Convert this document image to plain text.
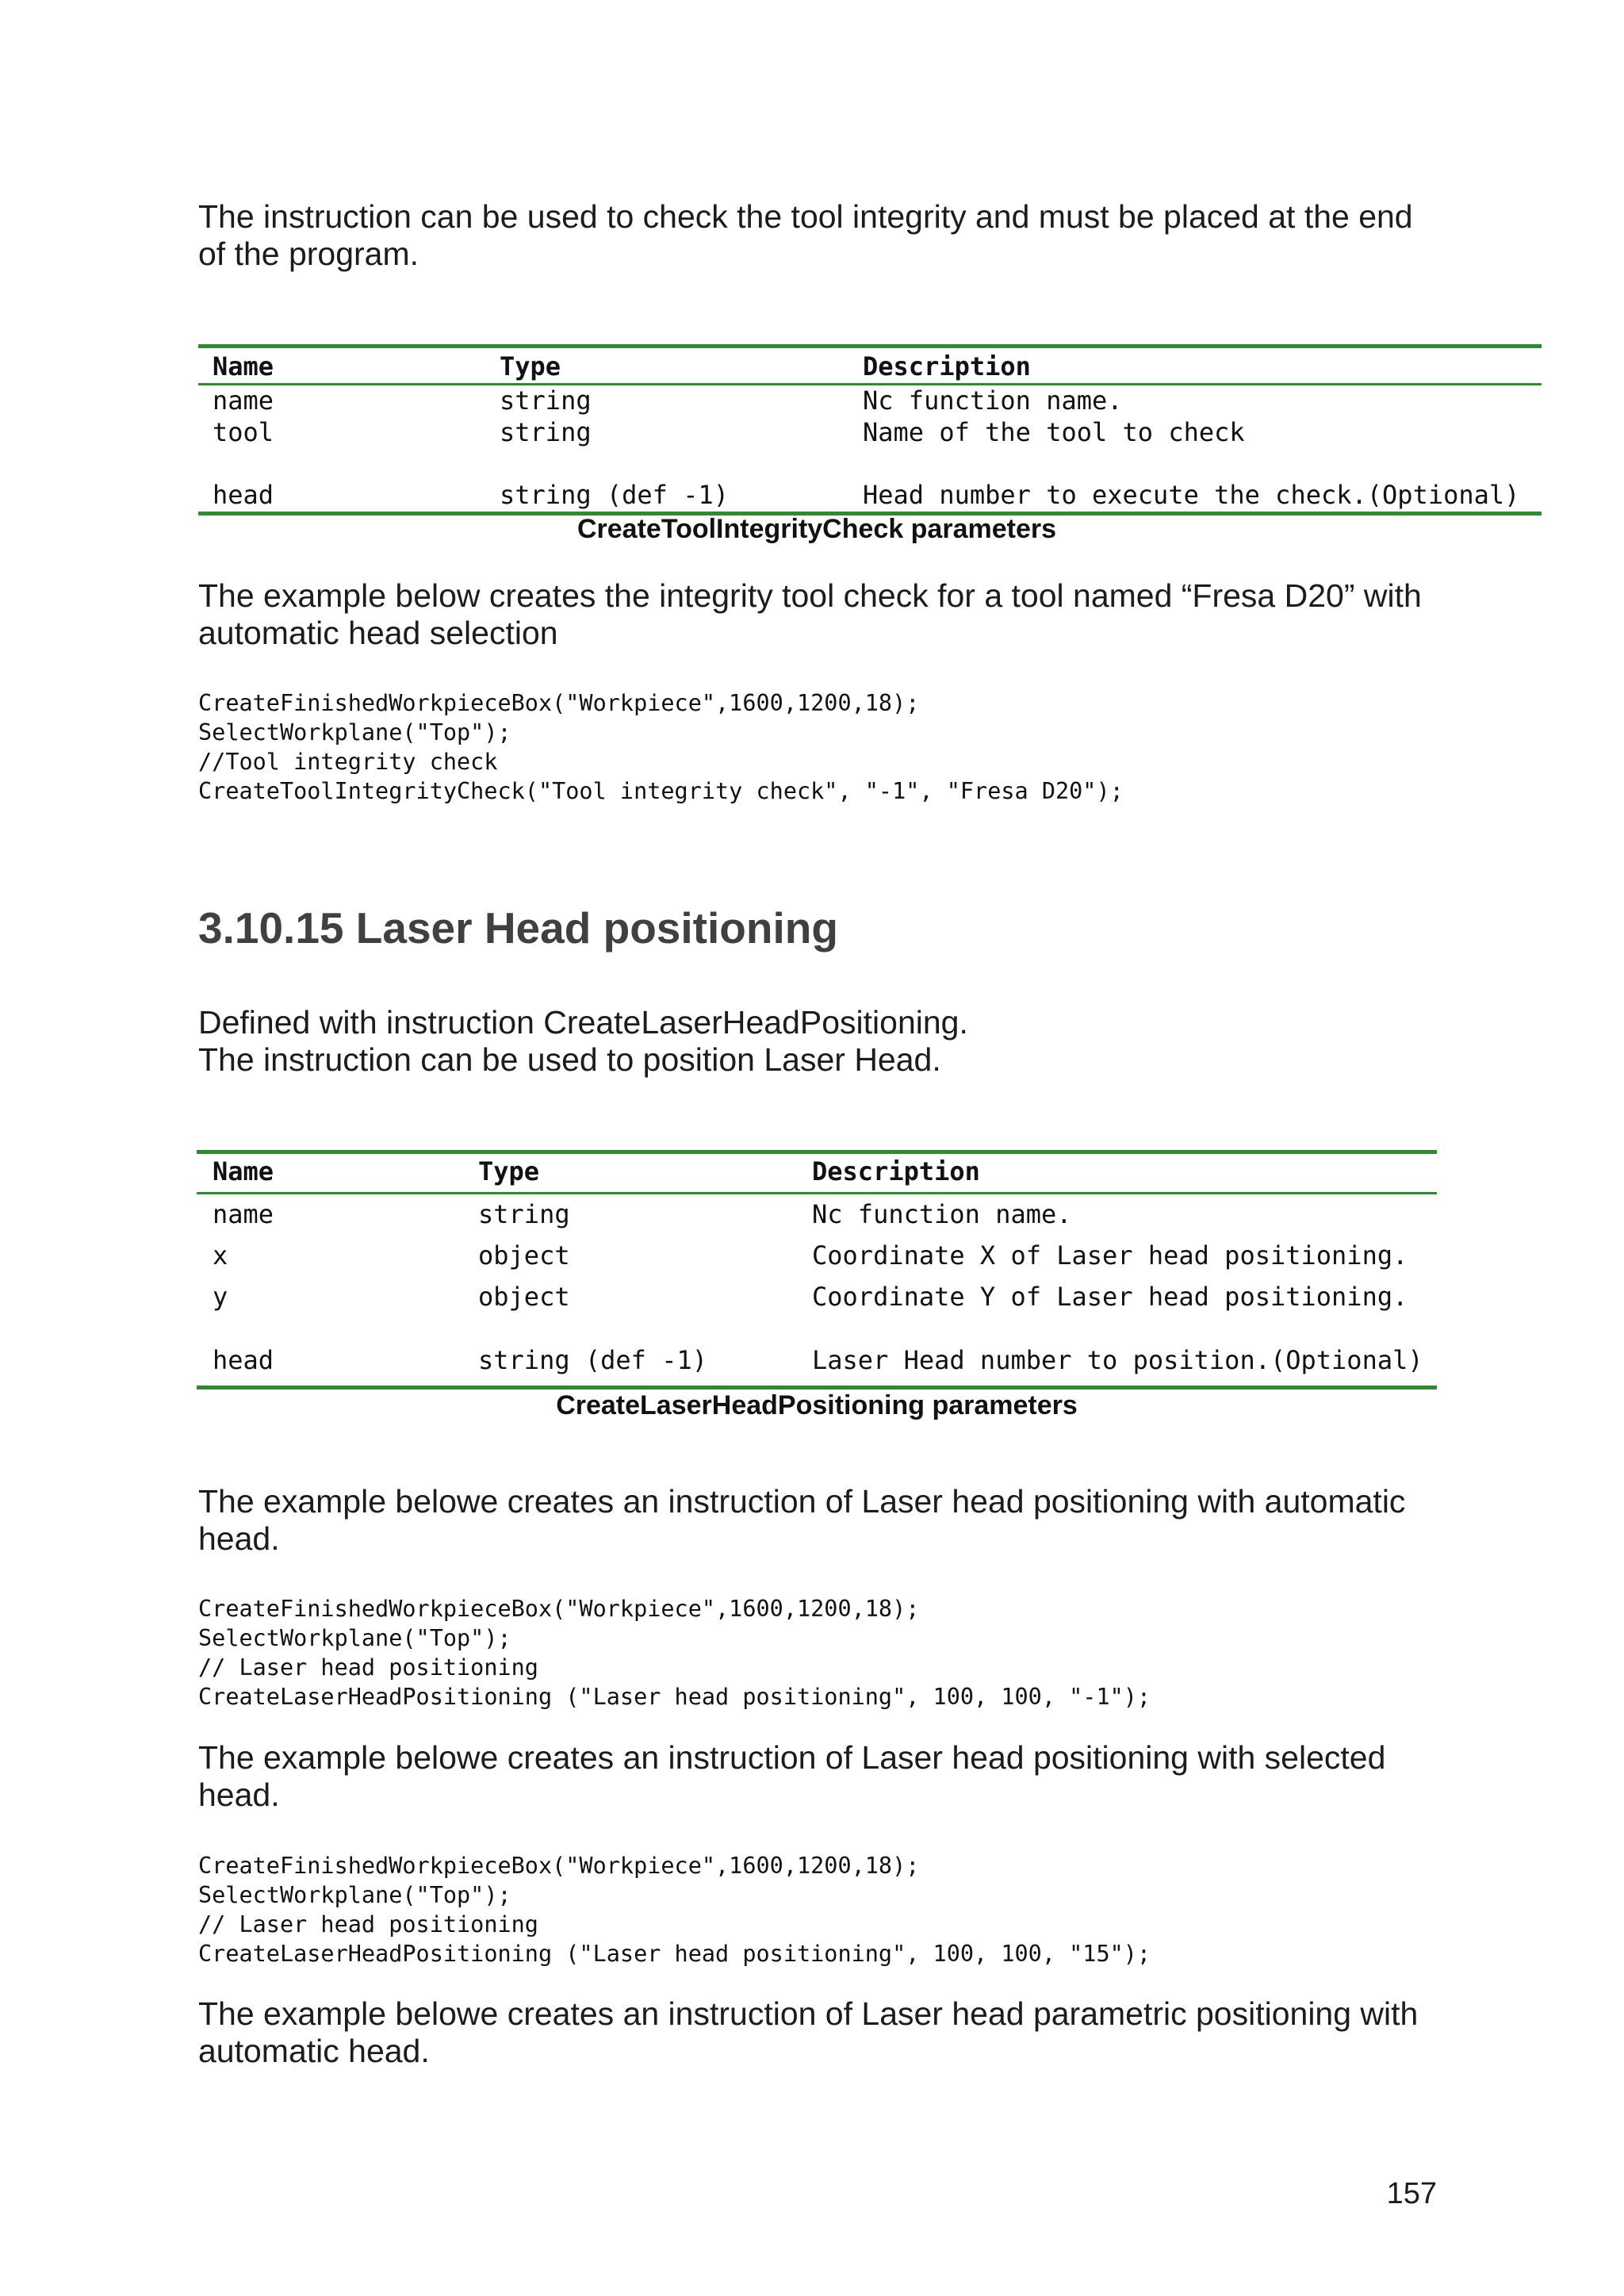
The instruction can be used to check the tool integrity and must be placed at the end
of the program.
Name	Type	Description
name	string	Nc function name.
tool	string	Name of the tool to check
head	string (def -1)	Head number to execute the check.(Optional)
CreateToolIntegrityCheck parameters
The example below creates the integrity tool check for a tool named “Fresa D20” with
automatic head selection

CreateFinishedWorkpieceBox("Workpiece",1600,1200,18);

SelectWorkplane("Top");

//Tool integrity check

CreateToolIntegrityCheck("Tool integrity check", "-1", "Fresa D20");

3.10.15 Laser Head positioning
Defined with instruction CreateLaserHeadPositioning.
The instruction can be used to position Laser Head.
Name	Type	Description
name	string	Nc function name.
x	object	Coordinate X of Laser head positioning.
y	object	Coordinate Y of Laser head positioning.
head	string (def -1)	Laser Head number to position.(Optional)
CreateLaserHeadPositioning parameters
The example belowe creates an instruction of Laser head positioning with automatic
head.

CreateFinishedWorkpieceBox("Workpiece",1600,1200,18);

SelectWorkplane("Top");

// Laser head positioning

CreateLaserHeadPositioning ("Laser head positioning", 100, 100, "-1");

The example belowe creates an instruction of Laser head positioning with selected
head.

CreateFinishedWorkpieceBox("Workpiece",1600,1200,18);

SelectWorkplane("Top");

// Laser head positioning

CreateLaserHeadPositioning ("Laser head positioning", 100, 100, "15");

The example belowe creates an instruction of Laser head parametric positioning with
automatic head.
157
